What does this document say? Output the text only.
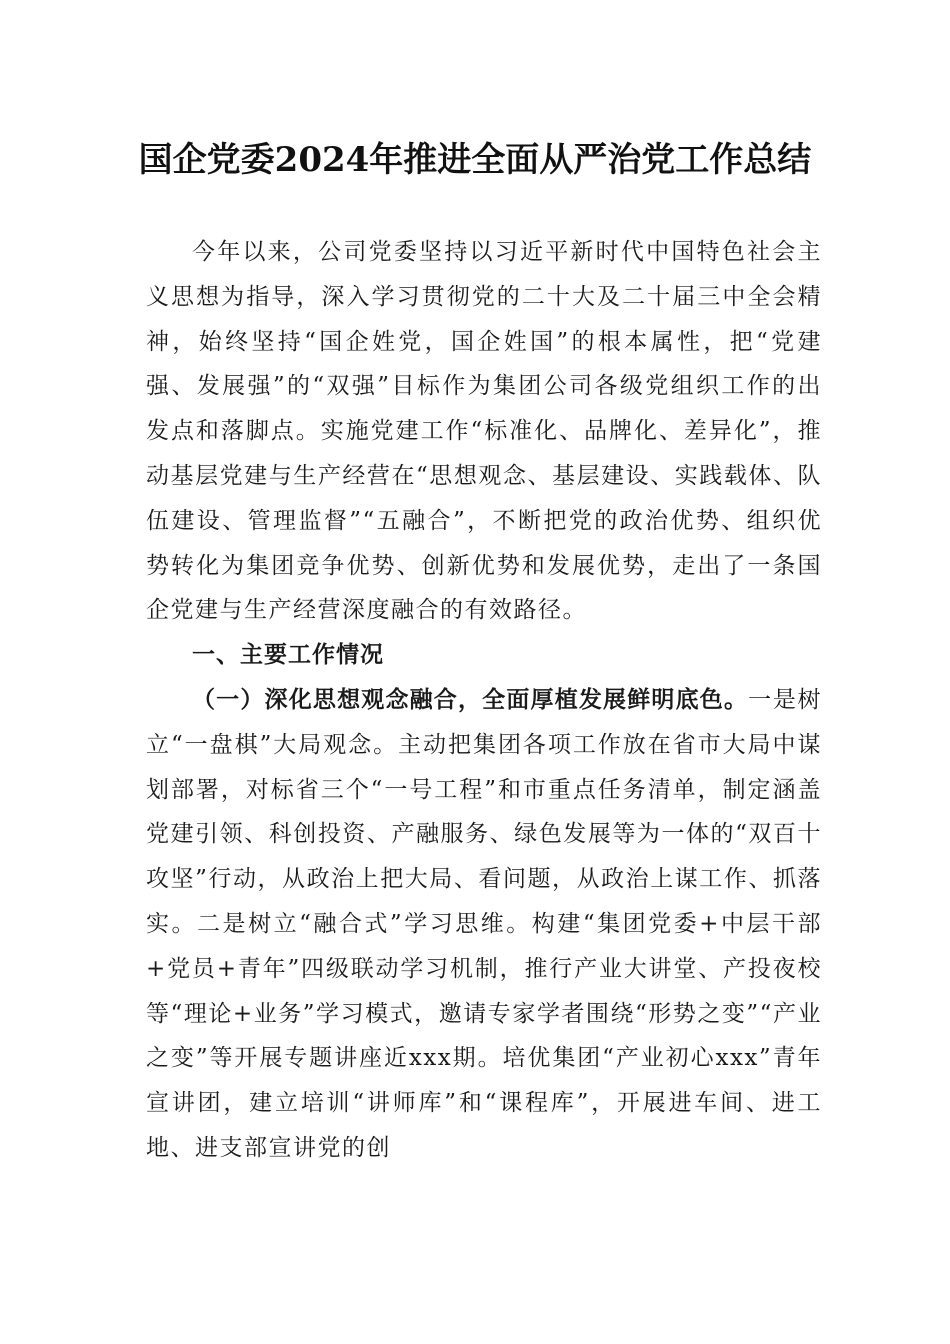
国企党委2024年推进全面从严治党工作总结

今年以来，公司党委坚持以习近平新时代中国特色社会主义思想为指导，深入学习贯彻党的二十大及二十届三中全会精神，始终坚持“国企姓党，国企姓国”的根本属性，把“党建强、发展强”的“双强”目标作为集团公司各级党组织工作的出发点和落脚点。实施党建工作“标准化、品牌化、差异化”，推动基层党建与生产经营在“思想观念、基层建设、实践载体、队伍建设、管理监督”“五融合”，不断把党的政治优势、组织优势转化为集团竞争优势、创新优势和发展优势，走出了一条国企党建与生产经营深度融合的有效路径。

一、主要工作情况

（一）深化思想观念融合，全面厚植发展鲜明底色。一是树立“一盘棋”大局观念。主动把集团各项工作放在省市大局中谋划部署，对标省三个“一号工程”和市重点任务清单，制定涵盖党建引领、科创投资、产融服务、绿色发展等为一体的“双百十攻坚”行动，从政治上把大局、看问题，从政治上谋工作、抓落实。二是树立“融合式”学习思维。构建“集团党委+中层干部+党员+青年”四级联动学习机制，推行产业大讲堂、产投夜校等“理论+业务”学习模式，邀请专家学者围绕“形势之变”“产业之变”等开展专题讲座近xxx期。培优集团“产业初心xxx”青年宣讲团，建立培训“讲师库”和“课程库”，开展进车间、进工地、进支部宣讲党的创
